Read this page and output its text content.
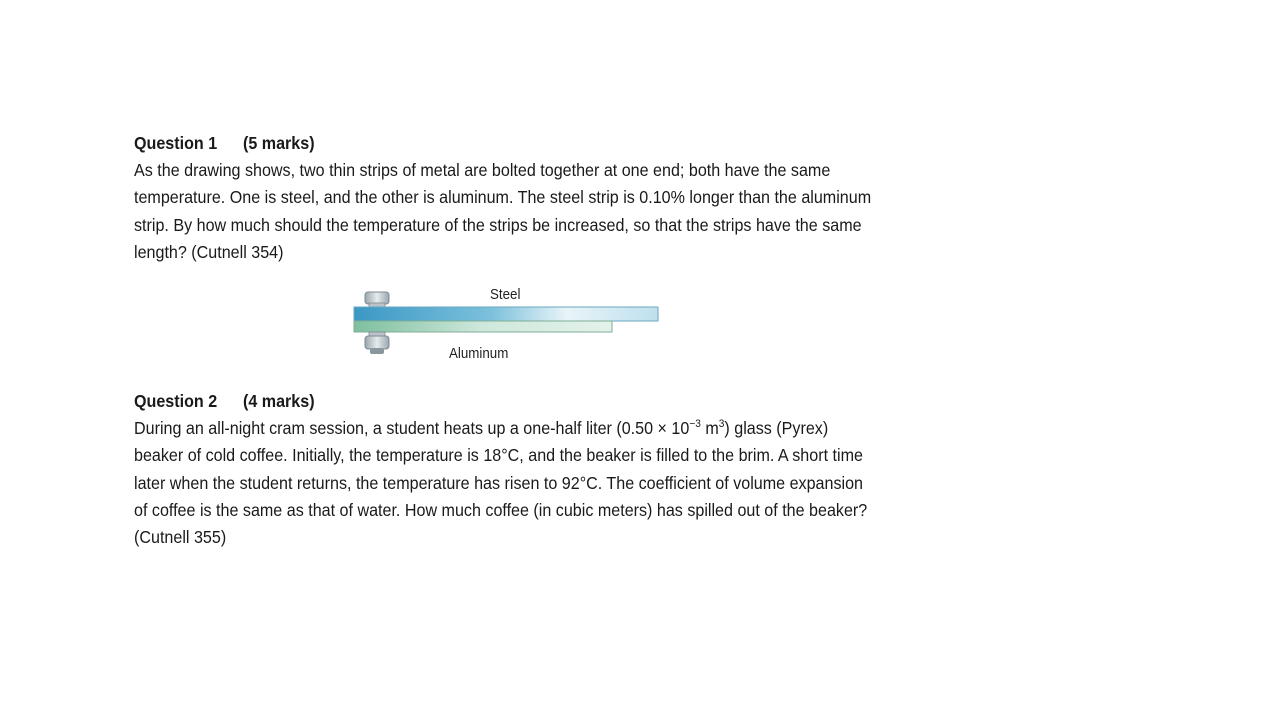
Question 1 (5 marks)

As the drawing shows, two thin strips of metal are bolted together at one end; both have the same temperature. One is steel, and the other is aluminum. The steel strip is 0.10% longer than the aluminum strip. By how much should the temperature of the strips be increased, so that the strips have the same length? (Cutnell 354)

Steel
Aluminum

Question 2 (4 marks)

During an all-night cram session, a student heats up a one-half liter ($0.50 \times 10^{-3}$ $m^3$) glass (Pyrex) beaker of cold coffee. Initially, the temperature is 18°C, and the beaker is filled to the brim. A short time later when the student returns, the temperature has risen to 92°C. The coefficient of volume expansion of coffee is the same as that of water. How much coffee (in cubic meters) has spilled out of the beaker? (Cutnell 355)
